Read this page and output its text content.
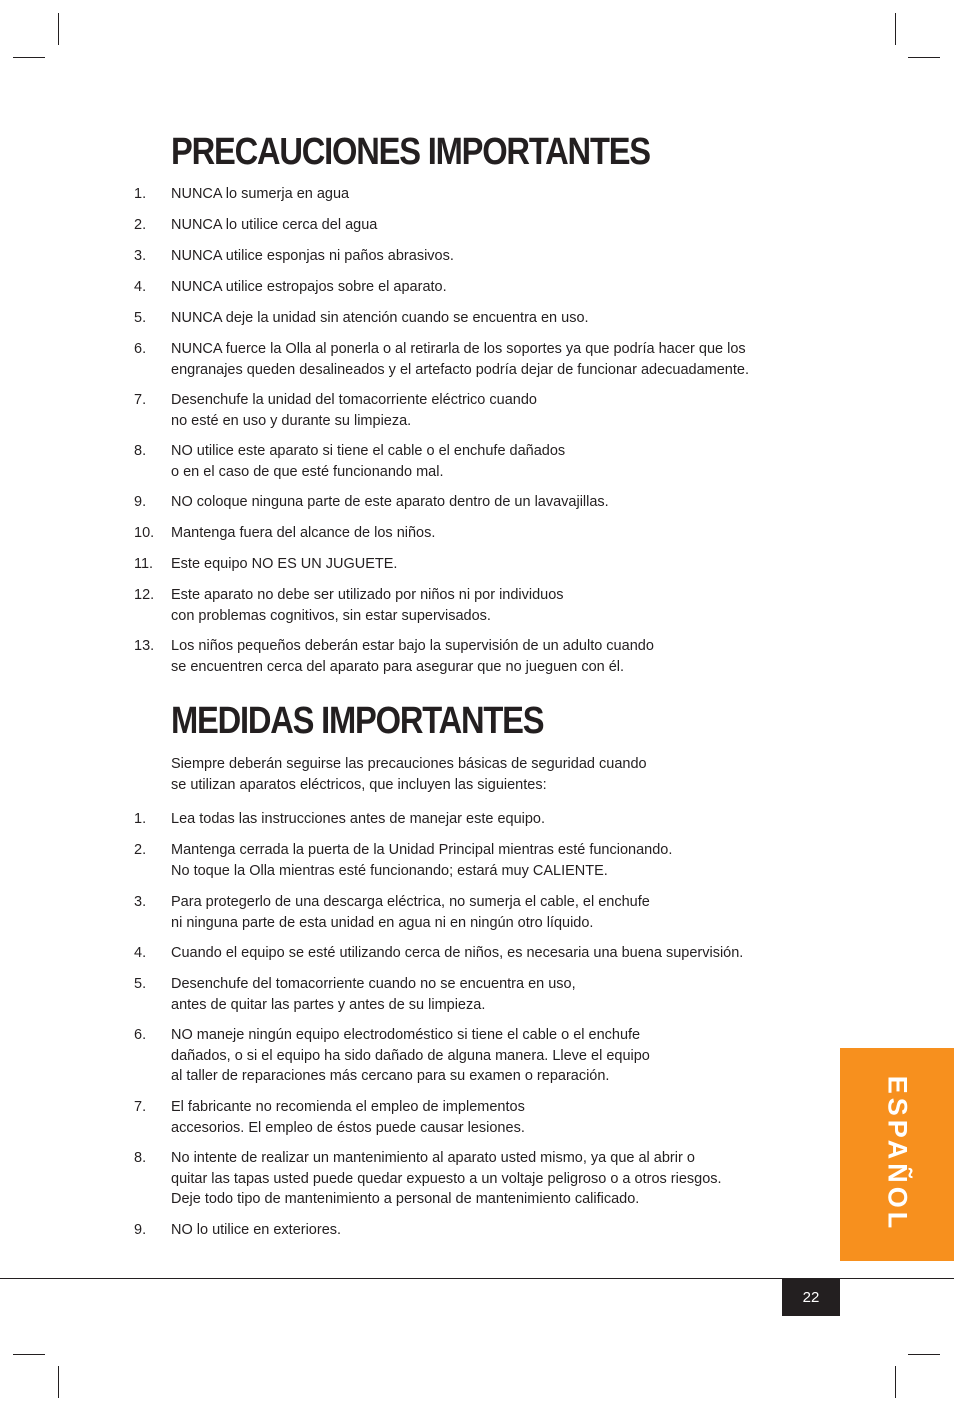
PRECAUCIONES IMPORTANTES
1.	NUNCA lo sumerja en agua
2.	NUNCA lo utilice cerca del agua
3.	NUNCA utilice esponjas ni paños abrasivos.
4.	NUNCA utilice estropajos sobre el aparato.
5.	NUNCA deje la unidad sin atención cuando se encuentra en uso.
6.	NUNCA fuerce la Olla al ponerla o al retirarla de los soportes ya que podría hacer que los
engranajes queden desalineados y el artefacto podría dejar de funcionar adecuadamente.
7.	Desenchufe la unidad del tomacorriente eléctrico cuando
no esté en uso y durante su limpieza.
8.	NO utilice este aparato si tiene el cable o el enchufe dañados
o en el caso de que esté funcionando mal.
9.	NO coloque ninguna parte de este aparato dentro de un lavavajillas.
10.	Mantenga fuera del alcance de los niños.
11.	Este equipo NO ES UN JUGUETE.
12.	Este aparato no debe ser utilizado por niños ni por individuos
con problemas cognitivos, sin estar supervisados.
13.	Los niños pequeños deberán estar bajo la supervisión de un adulto cuando
se encuentren cerca del aparato para asegurar que no jueguen con él.
MEDIDAS IMPORTANTES
Siempre deberán seguirse las precauciones básicas de seguridad cuando
se utilizan aparatos eléctricos, que incluyen las siguientes:
1.	Lea todas las instrucciones antes de manejar este equipo.
2.	Mantenga cerrada la puerta de la Unidad Principal mientras esté funcionando.
No toque la Olla mientras esté funcionando; estará muy CALIENTE.
3.	Para protegerlo de una descarga eléctrica, no sumerja el cable, el enchufe
ni ninguna parte de esta unidad en agua ni en ningún otro líquido.
4.	Cuando el equipo se esté utilizando cerca de niños, es necesaria una buena supervisión.
5.	Desenchufe del tomacorriente cuando no se encuentra en uso,
antes de quitar las partes y antes de su limpieza.
6.	NO maneje ningún equipo electrodoméstico si tiene el cable o el enchufe
dañados, o si el equipo ha sido dañado de alguna manera. Lleve el equipo
al taller de reparaciones más cercano para su examen o reparación.
7.	El fabricante no recomienda el empleo de implementos
accesorios. El empleo de éstos puede causar lesiones.
8.	No intente de realizar un mantenimiento al aparato usted mismo, ya que al abrir o
quitar las tapas usted puede quedar expuesto a un voltaje peligroso o a otros riesgos.
Deje todo tipo de mantenimiento a personal de mantenimiento calificado.
9.	NO lo utilice en exteriores.	ESPAÑOL
22
